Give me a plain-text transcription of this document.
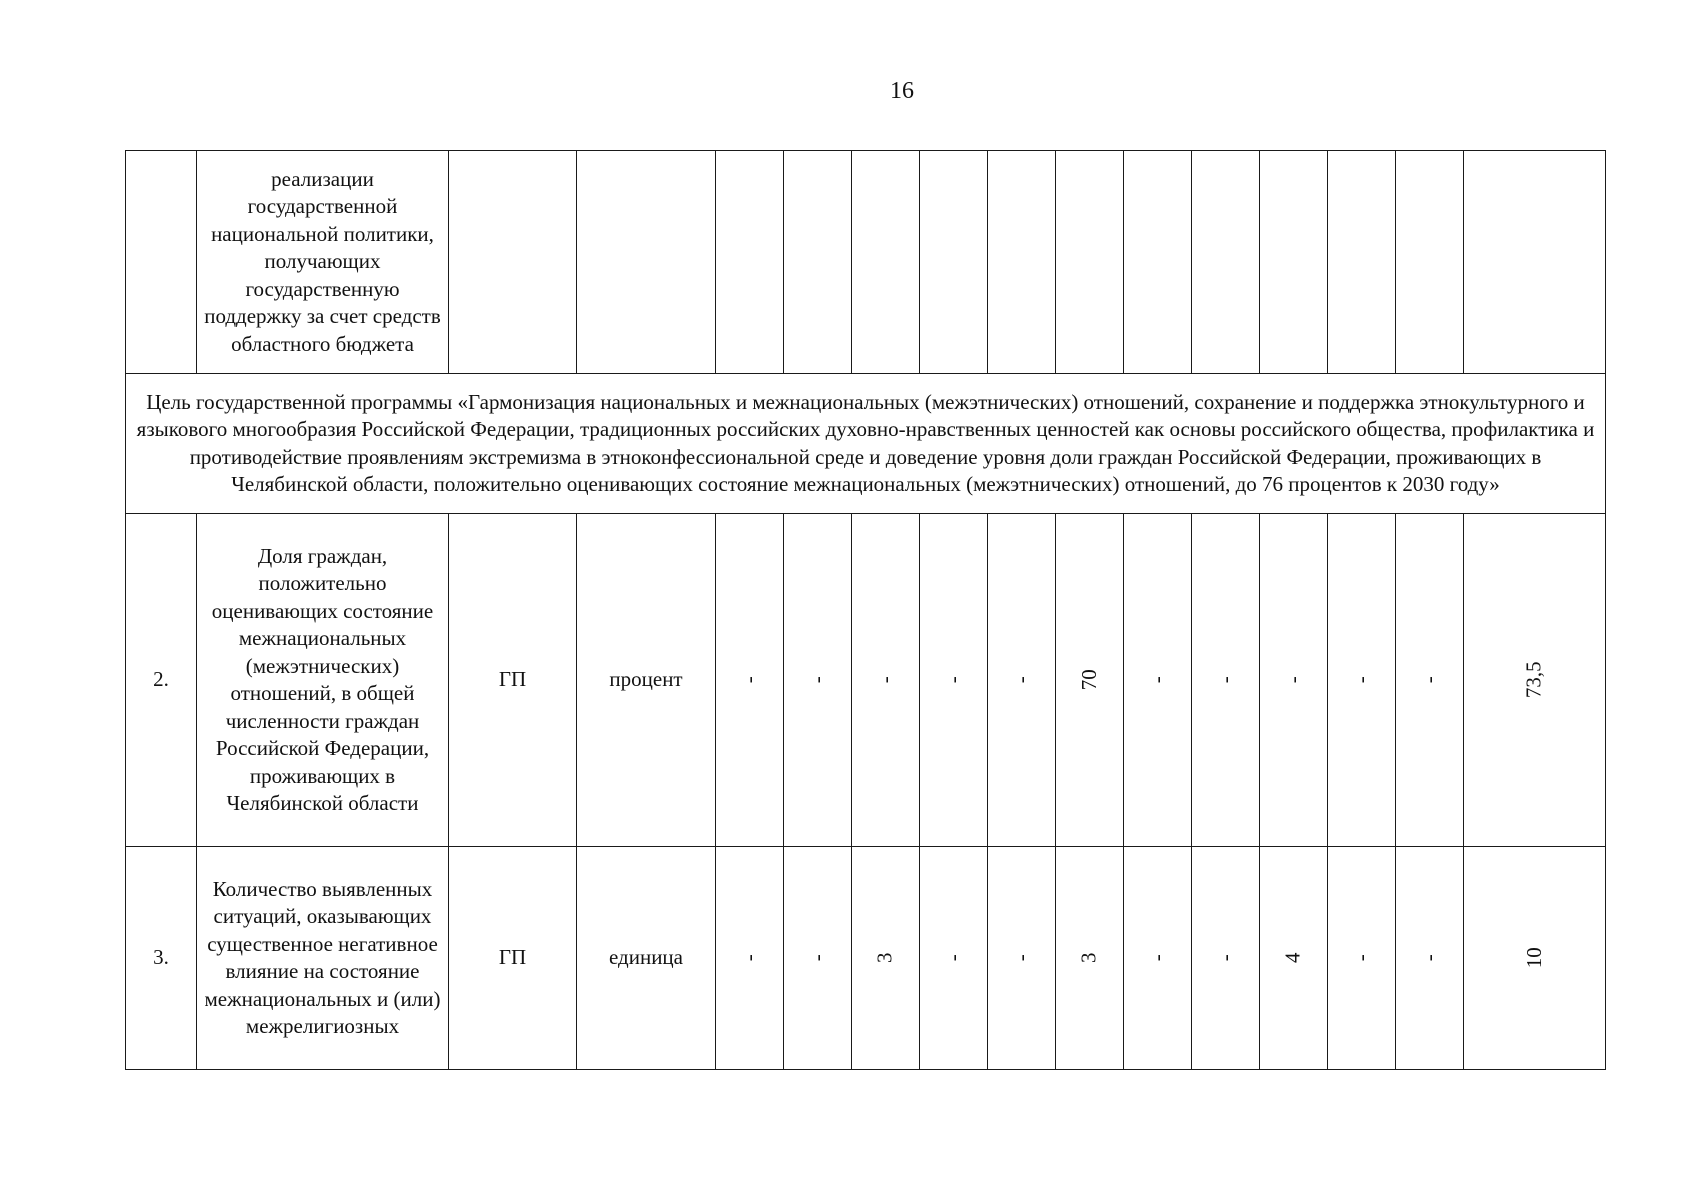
16
	реализации государственной национальной политики, получающих государственную поддержку за счет средств областного бюджета														
Цель государственной программы «Гармонизация национальных и межнациональных (межэтнических) отношений, сохранение и поддержка этнокультурного и языкового многообразия Российской Федерации, традиционных российских духовно-нравственных ценностей как основы российского общества, профилактика и противодействие проявлениям экстремизма в этноконфессиональной среде и доведение уровня доли граждан Российской Федерации, проживающих в Челябинской области, положительно оценивающих состояние межнациональных (межэтнических) отношений, до 76 процентов к 2030 году»															
2.	Доля граждан, положительно оценивающих состояние межнациональных (межэтнических) отношений, в общей численности граждан Российской Федерации, проживающих в Челябинской области	ГП	процент	-	-	-	-	-	70	-	-	-	-	-	73,5
3.	Количество выявленных ситуаций, оказывающих существенное негативное влияние на состояние межнациональных и (или) межрелигиозных	ГП	единица	-	-	3	-	-	3	-	-	4	-	-	10
